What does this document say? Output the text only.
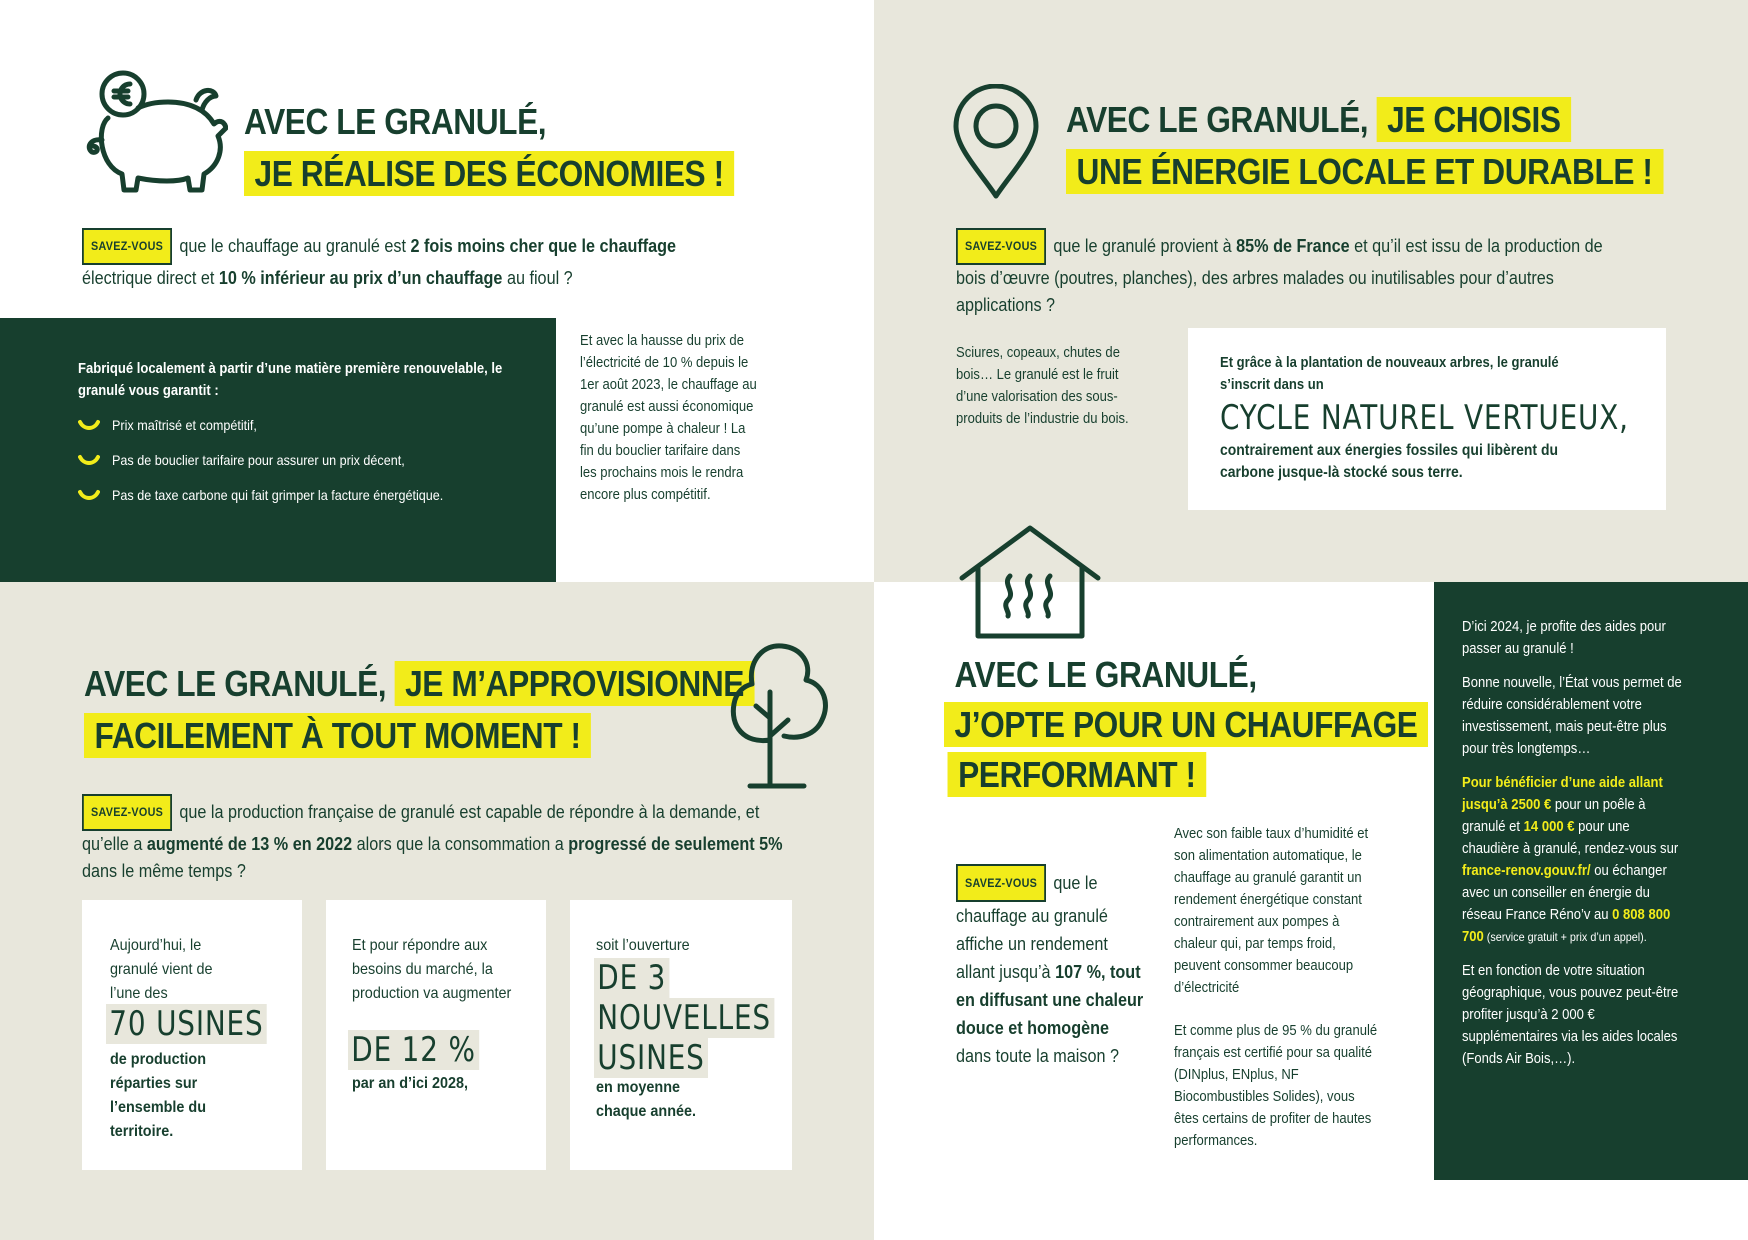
AVEC LE GRANULÉ,
JE RÉALISE DES ÉCONOMIES !
SAVEZ-VOUS que le chauffage au granulé est 2 fois moins cher que le chauffage
électrique direct et 10 % inférieur au prix d’un chauffage au fioul ?
Fabriqué localement à partir d’une matière première renouvelable, le granulé vous garantit :
Prix maîtrisé et compétitif,
Pas de bouclier tarifaire pour assurer un prix décent,
Pas de taxe carbone qui fait grimper la facture énergétique.
Et avec la hausse du prix de l’électricité de 10 % depuis le 1er août 2023, le chauffage au granulé est aussi économique qu’une pompe à chaleur ! La fin du bouclier tarifaire dans les prochains mois le rendra encore plus compétitif.
AVEC LE GRANULÉ, JE CHOISIS
UNE ÉNERGIE LOCALE ET DURABLE !
SAVEZ-VOUS que le granulé provient à 85% de France et qu’il est issu de la production de bois d’œuvre (poutres, planches), des arbres malades ou inutilisables pour d’autres applications ?
Sciures, copeaux, chutes de bois… Le granulé est le fruit d’une valorisation des sous-produits de l’industrie du bois.
Et grâce à la plantation de nouveaux arbres, le granulé s’inscrit dans un
CYCLE NATUREL VERTUEUX,
contrairement aux énergies fossiles qui libèrent du carbone jusque-là stocké sous terre.
AVEC LE GRANULÉ, JE M’APPROVISIONNE
FACILEMENT À TOUT MOMENT !
SAVEZ-VOUS que la production française de granulé est capable de répondre à la demande, et qu’elle a augmenté de 13 % en 2022 alors que la consommation a progressé de seulement 5% dans le même temps ?
Aujourd’hui, le granulé vient de l’une des
70 USINES
de production réparties sur l’ensemble du territoire.
Et pour répondre aux besoins du marché, la production va augmenter
DE 12 %
par an d’ici 2028,
soit l’ouverture
DE 3
NOUVELLES
USINES
en moyenne chaque année.
AVEC LE GRANULÉ,
J’OPTE POUR UN CHAUFFAGE
PERFORMANT !
SAVEZ-VOUS que le chauffage au granulé affiche un rendement allant jusqu’à 107 %, tout en diffusant une chaleur douce et homogène dans toute la maison ?
Avec son faible taux d’humidité et son alimentation automatique, le chauffage au granulé garantit un rendement énergétique constant contrairement aux pompes à chaleur qui, par temps froid, peuvent consommer beaucoup d’électricité
Et comme plus de 95 % du granulé français est certifié pour sa qualité (DINplus, ENplus, NF Biocombustibles Solides), vous êtes certains de profiter de hautes performances.

D’ici 2024, je profite des aides pour passer au granulé !

Bonne nouvelle, l’État vous permet de réduire considérablement votre investissement, mais peut-être plus pour très longtemps…

Pour bénéficier d’une aide allant jusqu’à 2500 € pour un poêle à granulé et 14 000 € pour une chaudière à granulé, rendez-vous sur france-renov.gouv.fr/ ou échanger avec un conseiller en énergie du réseau France Réno’v au 0 808 800 700 (service gratuit + prix d’un appel).

Et en fonction de votre situation géographique, vous pouvez peut-être profiter jusqu’à 2 000 € supplémentaires via les aides locales (Fonds Air Bois,…).
